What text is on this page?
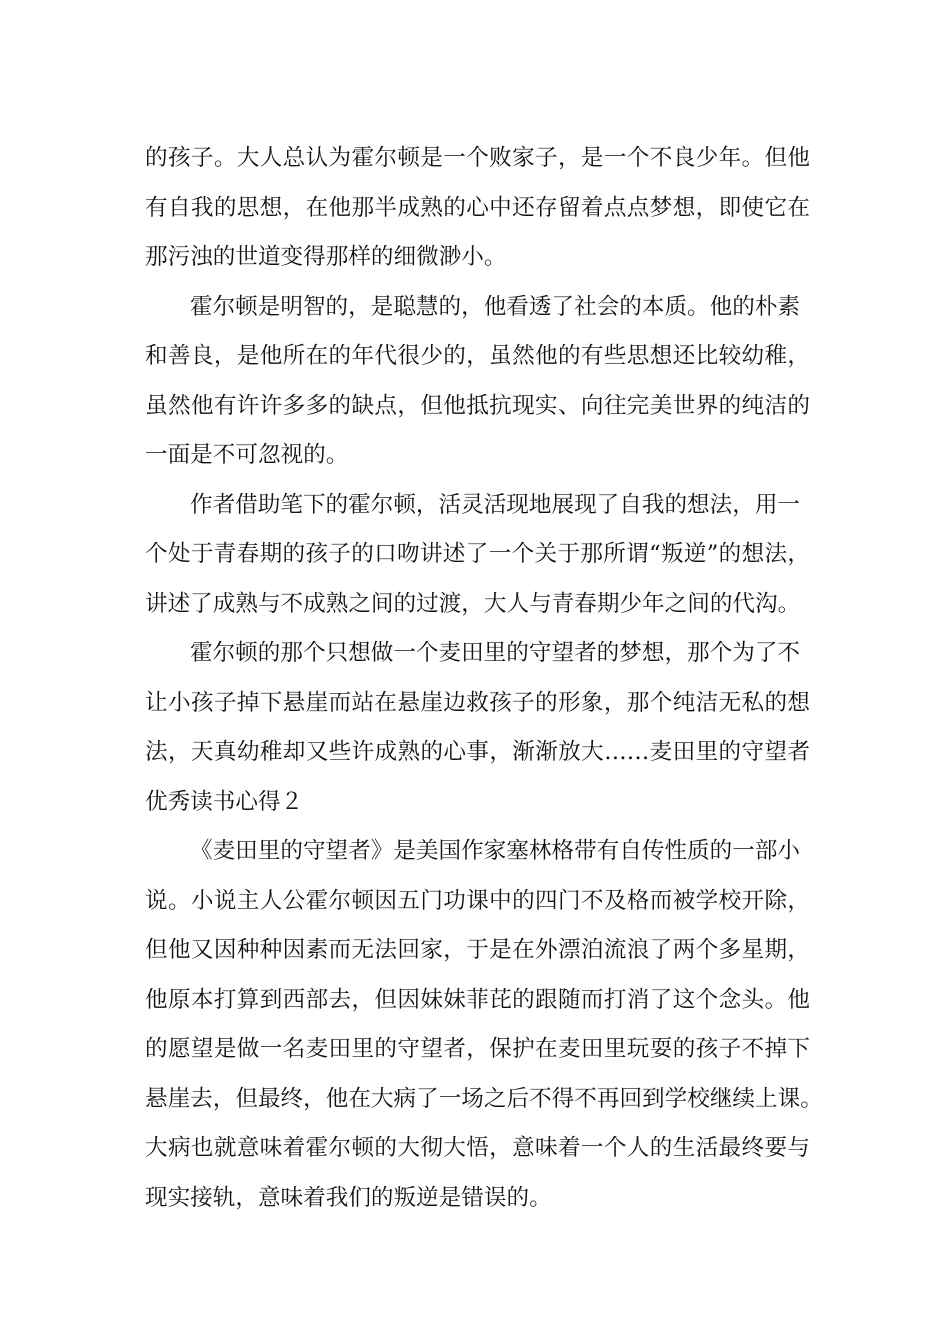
的孩子。大人总认为霍尔顿是一个败家子，是一个不良少年。但他
有自我的思想，在他那半成熟的心中还存留着点点梦想，即使它在
那污浊的世道变得那样的细微渺小。
霍尔顿是明智的，是聪慧的，他看透了社会的本质。他的朴素
和善良，是他所在的年代很少的，虽然他的有些思想还比较幼稚，
虽然他有许许多多的缺点，但他抵抗现实、向往完美世界的纯洁的
一面是不可忽视的。
作者借助笔下的霍尔顿，活灵活现地展现了自我的想法，用一
个处于青春期的孩子的口吻讲述了一个关于那所谓“叛逆”的想法，
讲述了成熟与不成熟之间的过渡，大人与青春期少年之间的代沟。
霍尔顿的那个只想做一个麦田里的守望者的梦想，那个为了不
让小孩子掉下悬崖而站在悬崖边救孩子的形象，那个纯洁无私的想
法，天真幼稚却又些许成熟的心事，渐渐放大……麦田里的守望者
优秀读书心得２
《麦田里的守望者》是美国作家塞林格带有自传性质的一部小
说。小说主人公霍尔顿因五门功课中的四门不及格而被学校开除，
但他又因种种因素而无法回家，于是在外漂泊流浪了两个多星期，
他原本打算到西部去，但因妹妹菲芘的跟随而打消了这个念头。他
的愿望是做一名麦田里的守望者，保护在麦田里玩耍的孩子不掉下
悬崖去，但最终，他在大病了一场之后不得不再回到学校继续上课。
大病也就意味着霍尔顿的大彻大悟，意味着一个人的生活最终要与
现实接轨，意味着我们的叛逆是错误的。
